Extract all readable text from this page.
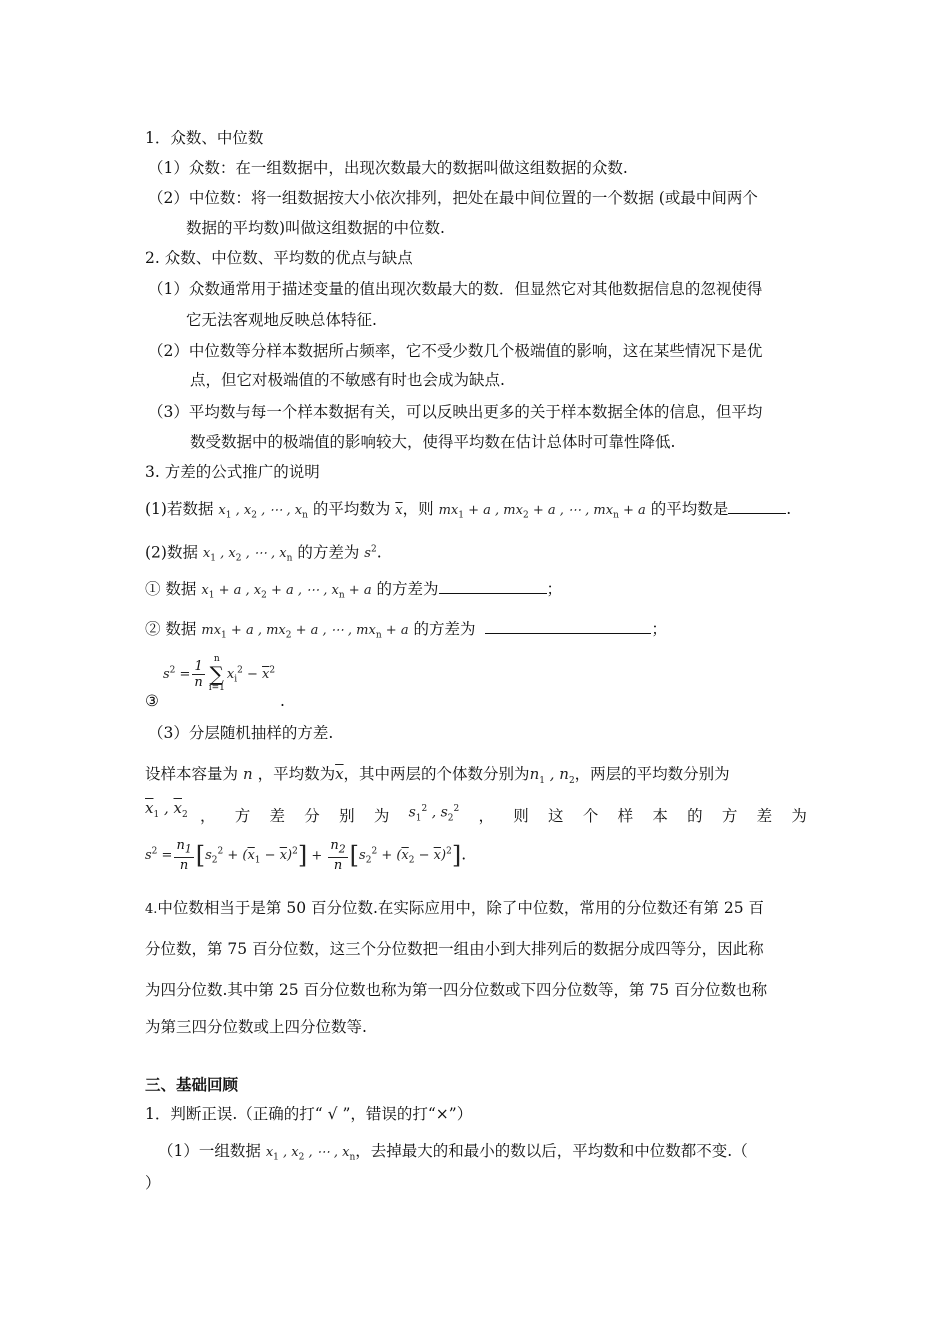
1．众数、中位数
（1）众数：在一组数据中，出现次数最大的数据叫做这组数据的众数.
（2）中位数：将一组数据按大小依次排列，把处在最中间位置的一个数据 (或最中间两个
数据的平均数)叫做这组数据的中位数.
2. 众数、中位数、平均数的优点与缺点
（1）众数通常用于描述变量的值出现次数最大的数．但显然它对其他数据信息的忽视使得
它无法客观地反映总体特征.
（2）中位数等分样本数据所占频率，它不受少数几个极端值的影响，这在某些情况下是优
点，但它对极端值的不敏感有时也会成为缺点.
（3）平均数与每一个样本数据有关，可以反映出更多的关于样本数据全体的信息，但平均
数受数据中的极端值的影响较大，使得平均数在估计总体时可靠性降低.
3. 方差的公式推广的说明
(1)若数据 $x_1$ , $x_2$ , ⋯ , $x_n$ 的平均数为 $\overline{x}$，则 $mx_1 + a$ , $mx_2 + a$ , ⋯ , $mx_n + a$ 的平均数是	.
(2)数据 $x_1$ , $x_2$ , ⋯ , $x_n$ 的方差为 $s^2$.
① 数据 $x_1 + a$ , $x_2 + a$ , ⋯ , $x_n + a$ 的方差为	；
② 数据 $mx_1 + a$ , $mx_2 + a$ , ⋯ , $mx_n + a$ 的方差为	；
$s^2 = \frac{1}{n}$ n
∑
i=1
$x_i^2 - \overline{x}^2$
③	.
（3）分层随机抽样的方差.
设样本容量为 n ，平均数为$\overline{x}$，其中两层的个体数分别为$n_1$ , $n_2$，两层的平均数分别为
$\overline{x}_1$ , $\overline{x}_2$ ， 方 差 分 别 为 $s_1^2$ , $s_2^2$ ， 则 这 个 样 本 的 方 差 为
$s^2 = \frac{n_1}{n} [s_2^2 + (\overline{x}_1 - \overline{x})^2] + \frac{n_2}{n} [s_2^2 + (\overline{x}_2 - \overline{x})^2]$.
4.中位数相当于是第 50 百分位数.在实际应用中，除了中位数，常用的分位数还有第 25 百
分位数，第 75 百分位数，这三个分位数把一组由小到大排列后的数据分成四等分，因此称
为四分位数.其中第 25 百分位数也称为第一四分位数或下四分位数等，第 75 百分位数也称
为第三四分位数或上四分位数等.
三、基础回顾
1．判断正误.（正确的打“ √ ”，错误的打“×”）
（1）一组数据 $x_1$ , $x_2$ , ⋯ , $x_n$，去掉最大的和最小的数以后，平均数和中位数都不变.（
）
